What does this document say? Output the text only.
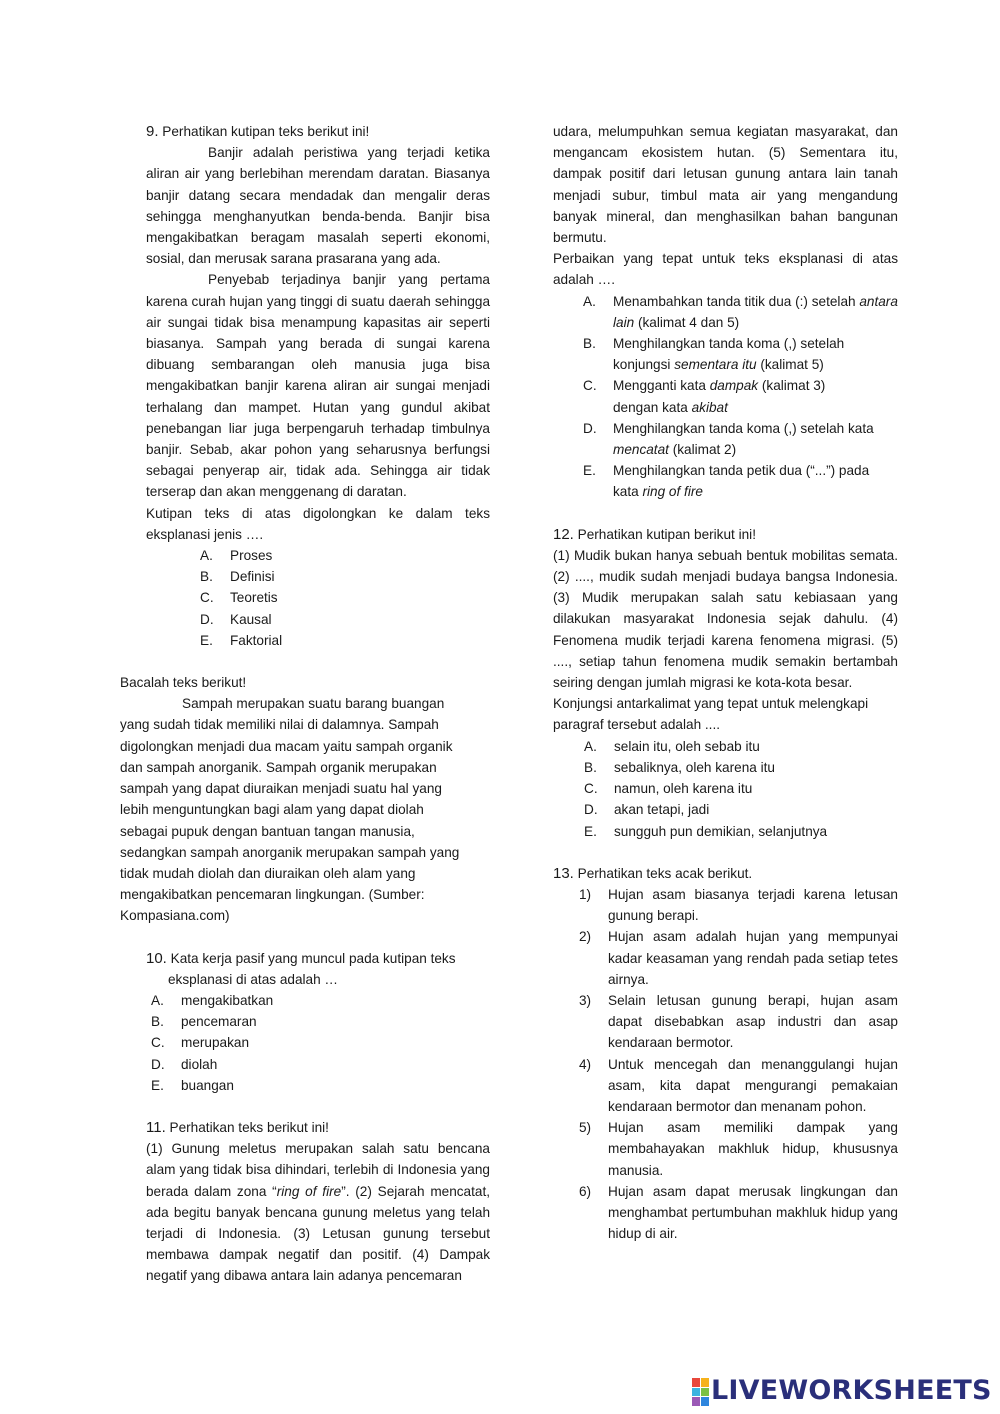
9. Perhatikan kutipan teks berikut ini!

Banjir adalah peristiwa yang terjadi ketika aliran air yang berlebihan merendam daratan. Biasanya banjir datang secara mendadak dan mengalir deras sehingga menghanyutkan benda-benda. Banjir bisa mengakibatkan beragam masalah seperti ekonomi, sosial, dan merusak sarana prasarana yang ada.

Penyebab terjadinya banjir yang pertama karena curah hujan yang tinggi di suatu daerah sehingga air sungai tidak bisa menampung kapasitas air seperti biasanya. Sampah yang berada di sungai karena dibuang sembarangan oleh manusia juga bisa mengakibatkan banjir karena aliran air sungai menjadi terhalang dan mampet. Hutan yang gundul akibat penebangan liar juga berpengaruh terhadap timbulnya banjir. Sebab, akar pohon yang seharusnya berfungsi sebagai penyerap air, tidak ada. Sehingga air tidak terserap dan akan menggenang di daratan.

Kutipan teks di atas digolongkan ke dalam teks eksplanasi jenis ….

A.	Proses
B.	Definisi
C.	Teoretis
D.	Kausal
E.	Faktorial
Bacalah teks berikut!

Sampah merupakan suatu barang buangan yang sudah tidak memiliki nilai di dalamnya. Sampah digolongkan menjadi dua macam yaitu sampah organik dan sampah anorganik. Sampah organik merupakan sampah yang dapat diuraikan menjadi suatu hal yang lebih menguntungkan bagi alam yang dapat diolah sebagai pupuk dengan bantuan tangan manusia, sedangkan sampah anorganik merupakan sampah yang tidak mudah diolah dan diuraikan oleh alam yang mengakibatkan pencemaran lingkungan. (Sumber: Kompasiana.com)

10. Kata kerja pasif yang muncul pada kutipan teks
eksplanasi di atas adalah …
A.	mengakibatkan
B.	pencemaran
C.	merupakan
D.	diolah
E.	buangan
11. Perhatikan teks berikut ini!

(1) Gunung meletus merupakan salah satu bencana alam yang tidak bisa dihindari, terlebih di Indonesia yang berada dalam zona “ring of fire”. (2) Sejarah mencatat, ada begitu banyak bencana gunung meletus yang telah terjadi di Indonesia. (3) Letusan gunung tersebut membawa dampak negatif dan positif. (4) Dampak negatif yang dibawa antara lain adanya pencemaran

udara, melumpuhkan semua kegiatan masyarakat, dan mengancam ekosistem hutan. (5) Sementara itu, dampak positif dari letusan gunung antara lain tanah menjadi subur, timbul mata air yang mengandung banyak mineral, dan menghasilkan bahan bangunan bermutu.

Perbaikan yang tepat untuk teks eksplanasi di atas adalah ….

A.	Menambahkan tanda titik dua (:) setelah antara lain (kalimat 4 dan 5)
B.	Menghilangkan tanda koma (,) setelah konjungsi sementara itu (kalimat 5)
C.	Mengganti kata dampak (kalimat 3)
dengan kata akibat
D.	Menghilangkan tanda koma (,) setelah kata mencatat (kalimat 2)
E.	Menghilangkan tanda petik dua (“...”) pada kata ring of fire
12. Perhatikan kutipan berikut ini!

(1) Mudik bukan hanya sebuah bentuk mobilitas semata. (2) ...., mudik sudah menjadi budaya bangsa Indonesia. (3) Mudik merupakan salah satu kebiasaan yang dilakukan masyarakat Indonesia sejak dahulu. (4) Fenomena mudik terjadi karena fenomena migrasi. (5) ...., setiap tahun fenomena mudik semakin bertambah seiring dengan jumlah migrasi ke kota-kota besar.

Konjungsi antarkalimat yang tepat untuk melengkapi paragraf tersebut adalah ....

A.	selain itu, oleh sebab itu
B.	sebaliknya, oleh karena itu
C.	namun, oleh karena itu
D.	akan tetapi, jadi
E.	sungguh pun demikian, selanjutnya
13. Perhatikan teks acak berikut.
1)	Hujan asam biasanya terjadi karena letusan gunung berapi.
2)	Hujan asam adalah hujan yang mempunyai kadar keasaman yang rendah pada setiap tetes airnya.
3)	Selain letusan gunung berapi, hujan asam dapat disebabkan asap industri dan asap kendaraan bermotor.
4)	Untuk mencegah dan menanggulangi hujan asam, kita dapat mengurangi pemakaian kendaraan bermotor dan menanam pohon.
5)	Hujan asam memiliki dampak yang membahayakan makhluk hidup, khususnya manusia.
6)	Hujan asam dapat merusak lingkungan dan menghambat pertumbuhan makhluk hidup yang hidup di air.
LIVEWORKSHEETS
